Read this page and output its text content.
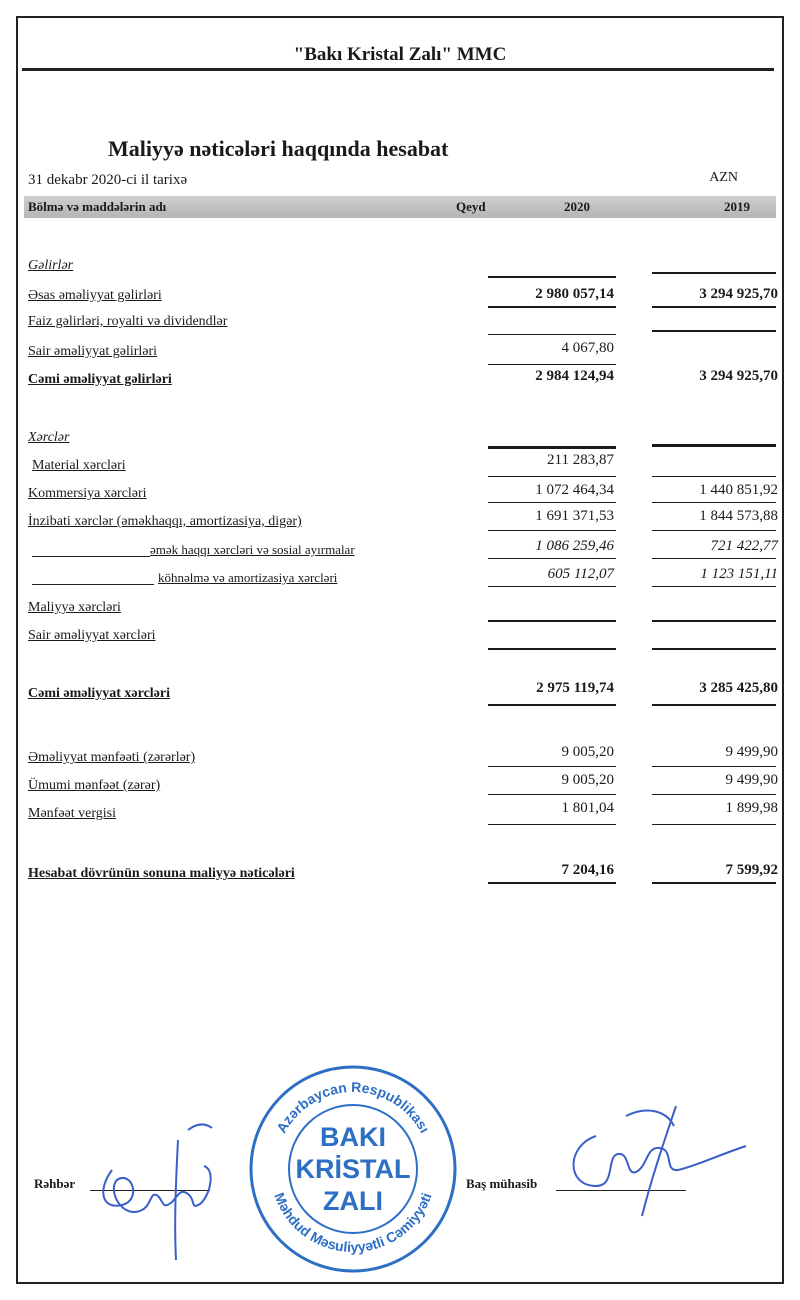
"Bakı Kristal Zalı" MMC
Maliyyə nəticələri haqqında hesabat
31 dekabr 2020-ci il tarixə	AZN
Bölmə və maddələrin adı	Qeyd	2020	2019
Gəlirlər
Əsas əməliyyat gəlirləri	2 980 057,14	3 294 925,70
Faiz gəlirləri, royalti və dividendlər
Sair əməliyyat gəlirləri	4 067,80
Cəmi əməliyyat gəlirləri	2 984 124,94	3 294 925,70
Xərclər
Material xərcləri	211 283,87
Kommersiya xərcləri	1 072 464,34	1 440 851,92
İnzibati xərclər (əməkhaqqı, amortizasiya, digər)	1 691 371,53	1 844 573,88
əmək haqqı xərcləri və sosial ayırmalar	1 086 259,46	721 422,77
köhnəlmə və amortizasiya xərcləri	605 112,07	1 123 151,11
Maliyyə xərcləri
Sair əməliyyat xərcləri
Cəmi əməliyyat xərcləri	2 975 119,74	3 285 425,80
Əməliyyat mənfəəti (zərərlər)	9 005,20	9 499,90
Ümumi mənfəət (zərər)	9 005,20	9 499,90
Mənfəət vergisi	1 801,04	1 899,98
Hesabat dövrünün sonuna maliyyə nəticələri	7 204,16	7 599,92
Rəhbər
Azərbaycan Respublikası
Məhdud Məsuliyyətli Cəmiyyəti
BAKI
KRİSTAL
ZALI
Baş mühasib
